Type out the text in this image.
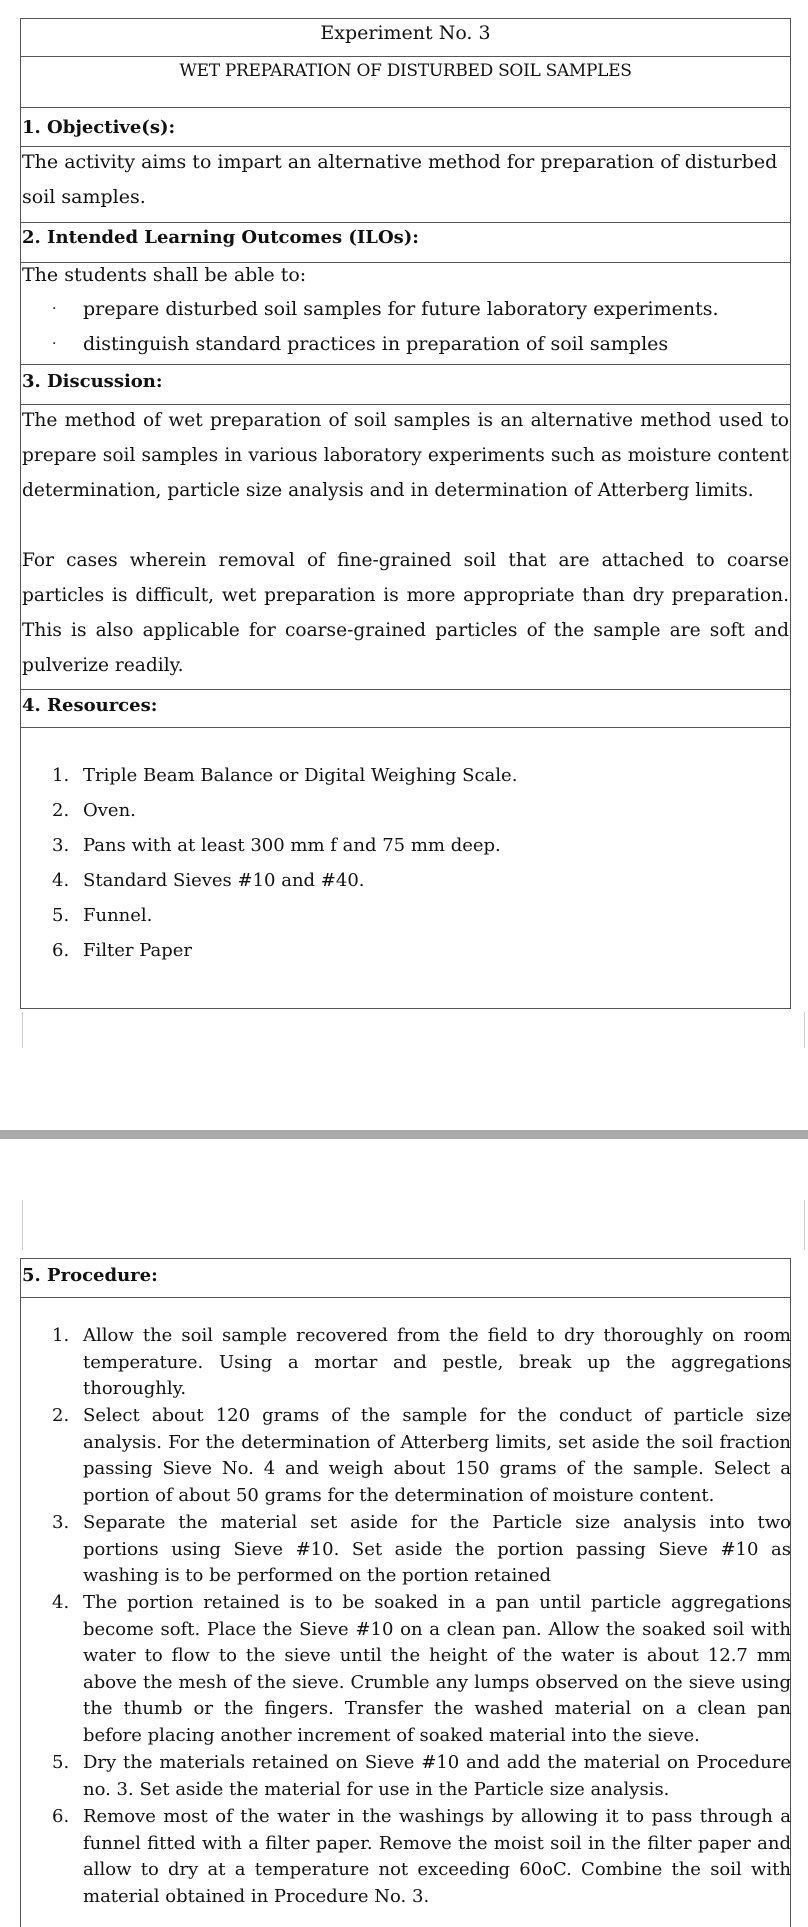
Experiment No. 3
WET PREPARATION OF DISTURBED SOIL SAMPLES
1. Objective(s):
The activity aims to impart an alternative method for preparation of disturbed soil samples.
2. Intended Learning Outcomes (ILOs):
The students shall be able to:
· prepare disturbed soil samples for future laboratory experiments.
· distinguish standard practices in preparation of soil samples
3. Discussion:
The method of wet preparation of soil samples is an alternative method used to prepare soil samples in various laboratory experiments such as moisture content determination, particle size analysis and in determination of Atterberg limits.
For cases wherein removal of fine-grained soil that are attached to coarse particles is difficult, wet preparation is more appropriate than dry preparation. This is also applicable for coarse-grained particles of the sample are soft and pulverize readily.
4. Resources:
1. Triple Beam Balance or Digital Weighing Scale.
2. Oven.
3. Pans with at least 300 mm f and 75 mm deep.
4. Standard Sieves #10 and #40.
5. Funnel.
6. Filter Paper
5. Procedure:
1. Allow the soil sample recovered from the field to dry thoroughly on room temperature. Using a mortar and pestle, break up the aggregations thoroughly.
2. Select about 120 grams of the sample for the conduct of particle size analysis. For the determination of Atterberg limits, set aside the soil fraction passing Sieve No. 4 and weigh about 150 grams of the sample. Select a portion of about 50 grams for the determination of moisture content.
3. Separate the material set aside for the Particle size analysis into two portions using Sieve #10. Set aside the portion passing Sieve #10 as washing is to be performed on the portion retained
4. The portion retained is to be soaked in a pan until particle aggregations become soft. Place the Sieve #10 on a clean pan. Allow the soaked soil with water to flow to the sieve until the height of the water is about 12.7 mm above the mesh of the sieve. Crumble any lumps observed on the sieve using the thumb or the fingers. Transfer the washed material on a clean pan before placing another increment of soaked material into the sieve.
5. Dry the materials retained on Sieve #10 and add the material on Procedure no. 3. Set aside the material for use in the Particle size analysis.
6. Remove most of the water in the washings by allowing it to pass through a funnel fitted with a filter paper. Remove the moist soil in the filter paper and allow to dry at a temperature not exceeding 60oC. Combine the soil with material obtained in Procedure No. 3.
